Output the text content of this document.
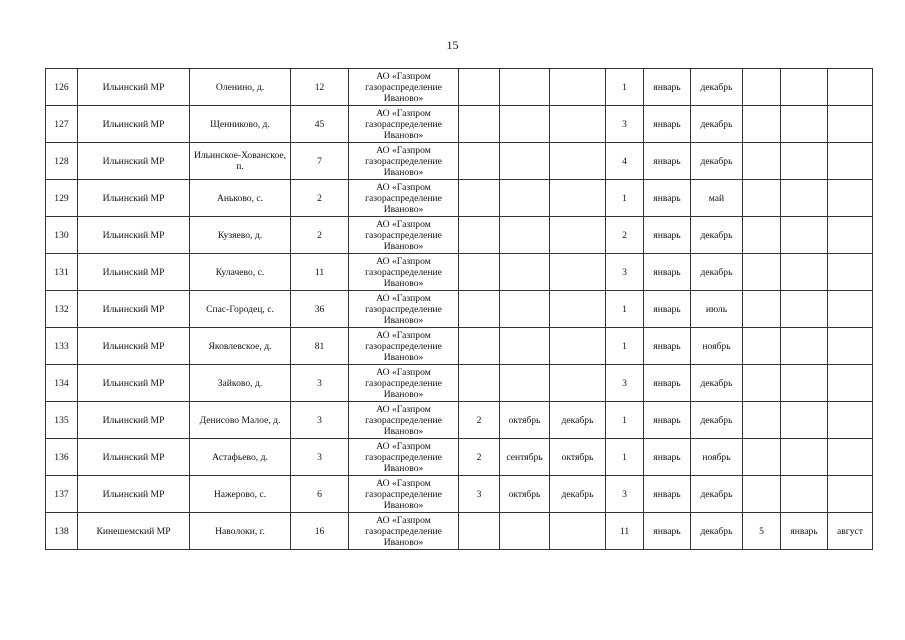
15
126	Ильинский МР	Оленино, д.	12	АО «Газпром газораспределение Иваново»				1	январь	декабрь			
127	Ильинский МР	Щенниково, д.	45	АО «Газпром газораспределение Иваново»				3	январь	декабрь			
128	Ильинский МР	Ильинское-Хованское, п.	7	АО «Газпром газораспределение Иваново»				4	январь	декабрь			
129	Ильинский МР	Аньково, с.	2	АО «Газпром газораспределение Иваново»				1	январь	май			
130	Ильинский МР	Кузяево, д.	2	АО «Газпром газораспределение Иваново»				2	январь	декабрь			
131	Ильинский МР	Кулачево, с.	11	АО «Газпром газораспределение Иваново»				3	январь	декабрь			
132	Ильинский МР	Спас-Городец, с.	36	АО «Газпром газораспределение Иваново»				1	январь	июль			
133	Ильинский МР	Яковлевское, д.	81	АО «Газпром газораспределение Иваново»				1	январь	ноябрь			
134	Ильинский МР	Зайково, д.	3	АО «Газпром газораспределение Иваново»				3	январь	декабрь			
135	Ильинский МР	Денисово Малое, д.	3	АО «Газпром газораспределение Иваново»	2	октябрь	декабрь	1	январь	декабрь			
136	Ильинский МР	Астафьево, д.	3	АО «Газпром газораспределение Иваново»	2	сентябрь	октябрь	1	январь	ноябрь			
137	Ильинский МР	Нажерово, с.	6	АО «Газпром газораспределение Иваново»	3	октябрь	декабрь	3	январь	декабрь			
138	Кинешемский МР	Наволоки, г.	16	АО «Газпром газораспределение Иваново»				11	январь	декабрь	5	январь	август
